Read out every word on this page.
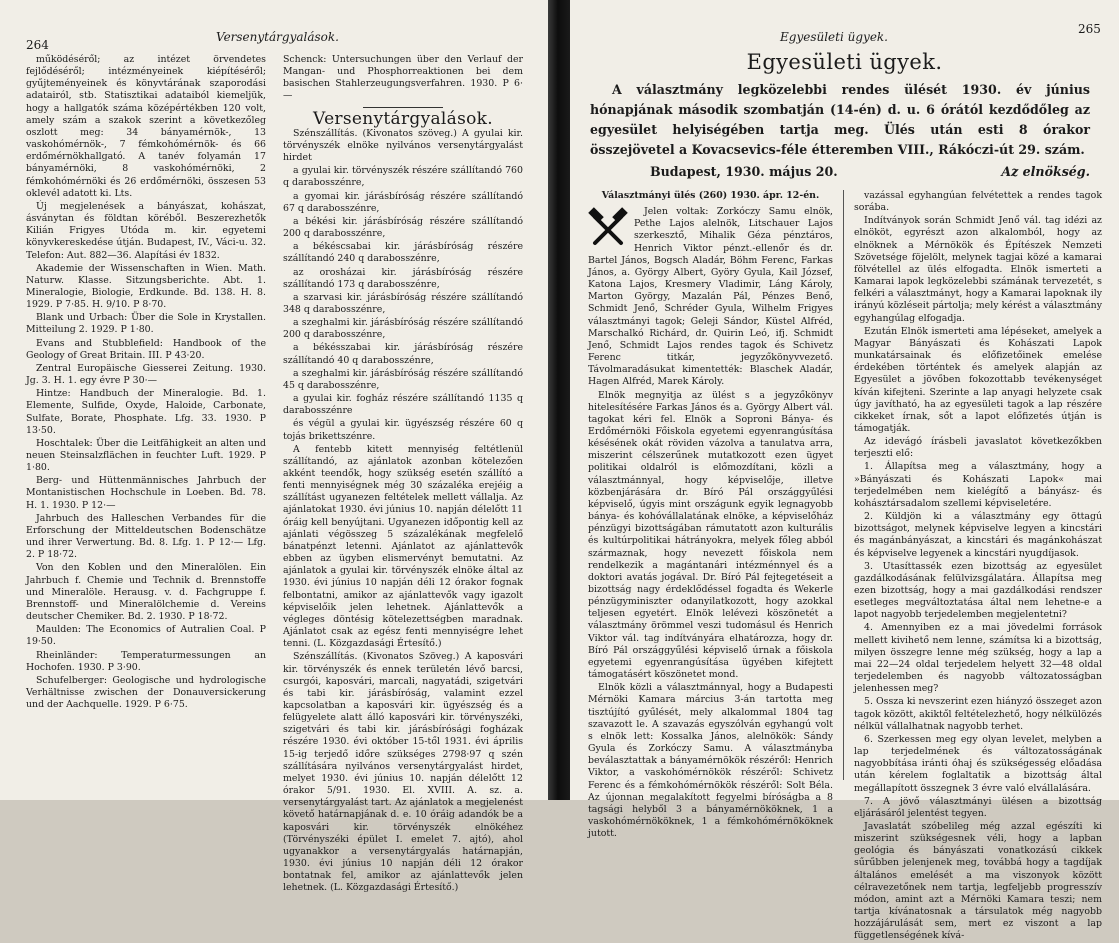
264
Versenytárgyalások.

működéséről; az intézet örvendetes fejlődéséről; intézményeinek kiépítéséről; gyűjteményeinek és könyvtárának szaporodási adatairól, stb. Statisztikai adataiból kiemeljük, hogy a hallgatók száma középértékben 120 volt, amely szám a szakok szerint a következőleg oszlott meg: 34 bányamérnök-, 13 vaskohómérnök-, 7 fémkohómérnök- és 66 erdőmérnökhallgató. A tanév folyamán 17 bányamérnöki, 8 vaskohómérnöki, 2 fémkohómérnöki és 26 erdőmérnöki, összesen 53 oklevél adatott ki. Lts.

Új megjelenések a bányászat, kohászat, ásványtan és földtan köréből. Beszerezhetők Kilián Frigyes Utóda m. kir. egyetemi könyvkereskedése útján. Budapest, IV., Váci-u. 32. Telefon: Aut. 882—36. Alapítási év 1832.

Akademie der Wissenschaften in Wien. Math. Naturw. Klasse. Sitzungsberichte. Abt. 1. Mineralogie, Biologie, Erdkunde. Bd. 138. H. 8. 1929. P 7·85. H. 9/10. P 8·70.

Blank und Urbach: Über die Sole in Krystallen. Mitteilung 2. 1929. P 1·80.

Evans and Stubblefield: Handbook of the Geology of Great Britain. III. P 43·20.

Zentral Europäische Giesserei Zeitung. 1930. Jg. 3. H. 1. egy évre P 30·—

Hintze: Handbuch der Mineralogie. Bd. 1. Elemente, Sulfide, Oxyde, Haloide, Carbonate, Sulfate, Borate, Phosphate. Lfg. 33. 1930. P 13·50.

Hoschtalek: Über die Leitfähigkeit an alten und neuen Steinsalzflächen in feuchter Luft. 1929. P 1·80.

Berg- und Hüttenmännisches Jahrbuch der Montanistischen Hochschule in Loeben. Bd. 78. H. 1. 1930. P 12·—

Jahrbuch des Halleschen Verbandes für die Erforschung der Mitteldeutschen Bodenschätze und ihrer Verwertung. Bd. 8. Lfg. 1. P 12·— Lfg. 2. P 18·72.

Von den Koblen und den Mineralölen. Ein Jahrbuch f. Chemie und Technik d. Brennstoffe und Mineralöle. Herausg. v. d. Fachgruppe f. Brennstoff- und Mineralölchemie d. Vereins deutscher Chemiker. Bd. 2. 1930. P 18·72.

Maulden: The Economics of Autralien Coal. P 19·50.

Rheinländer: Temperaturmessungen an Hochofen. 1930. P 3·90.

Schufelberger: Geologische und hydrologische Verhältnisse zwischen der Donauversickerung und der Aachquelle. 1929. P 6·75.

Schenck: Untersuchungen über den Verlauf der Mangan- und Phosphorreaktionen bei dem basischen Stahlerzeugungsverfahren. 1930. P 6·—

Versenytárgyalások.

Szénszállítás. (Kivonatos szöveg.) A gyulai kir. törvényszék elnöke nyilvános versenytárgyalást hirdet

a gyulai kir. törvényszék részére szállítandó 760 q darabosszénre,

a gyomai kir. járásbíróság részére szállítandó 67 q darabosszénre,

a békési kir. járásbíróság részére szállítandó 200 q darabosszénre,

a békéscsabai kir. járásbíróság részére szállítandó 240 q darabosszénre,

az orosházai kir. járásbíróság részére szállítandó 173 q darabosszénre,

a szarvasi kir. járásbíróság részére szállítandó 348 q darabosszénre,

a szeghalmi kir. járásbíróság részére szállítandó 200 q darabosszénre,

a békésszabai kir. járásbíróság részére szállítandó 40 q darabosszénre,

a szeghalmi kir. járásbíróság részére szállítandó 45 q darabosszénre,

a gyulai kir. fogház részére szállítandó 1135 q darabosszénre

és végül a gyulai kir. ügyészség részére 60 q tojás brikettszénre.

A fentebb kitett mennyiség feltétlenül szállítandó, az ajánlatok azonban kötelezően akként teendők, hogy szükség esetén szállító a fenti mennyiségnek még 30 százaléka erejéig a szállítást ugyanezen feltételek mellett vállalja. Az ajánlatokat 1930. évi június 10. napján délelőtt 11 óráig kell benyújtani. Ugyanezen időpontig kell az ajánlati végösszeg 5 százalékának megfelelő bánatpénzt letenni. Ajánlatot az ajánlattevők ebben az ügyben elismervényt bemutatni. Az ajánlatok a gyulai kir. törvényszék elnöke által az 1930. évi június 10 napján déli 12 órakor fognak felbontatni, amikor az ajánlattevők vagy igazolt képviselőik jelen lehetnek. Ajánlattevők a végleges döntésig kötelezettségben maradnak. Ajánlatot csak az egész fenti mennyiségre lehet tenni. (L. Közgazdasági Értesítő.)

Szénszállítás. (Kivonatos Szöveg.) A kaposvári kir. törvényszék és ennek területén lévő barcsi, csurgói, kaposvári, marcali, nagyatádi, szigetvári és tabi kir. járásbíróság, valamint ezzel kapcsolatban a kaposvári kir. ügyészség és a felügyelete alatt álló kaposvári kir. törvényszéki, szigetvári és tabi kir. járásbírósági fogházak részére 1930. évi október 15-től 1931. évi április 15-ig terjedő időre szükséges 2798·97 q szén szállítására nyilvános versenytárgyalást hirdet, melyet 1930. évi június 10. napján délelőtt 12 órakor 5/91. 1930. El. XVIII. A. sz. a. versenytárgyalást tart. Az ajánlatok a megjelenést követő határnapjának d. e. 10 óráig adandók be a kaposvári kir. törvényszék elnökéhez (Törvényszéki épület I. emelet 7. ajtó), ahol ugyanakkor a versenytárgyalás határnapján, 1930. évi június 10 napján déli 12 órakor bontatnak fel, amikor az ajánlattevők jelen lehetnek. (L. Közgazdasági Értesítő.)

Egyesületi ügyek.
265
Egyesületi ügyek.
A választmány legközelebbi rendes ülését 1930. év június hónapjának második szombatján (14-én) d. u. 6 órától kezdődőleg az egyesület helyiségében tartja meg. Ülés után esti 8 órakor összejövetel a Kovacsevics-féle étteremben VIII., Rákóczi-út 29. szám.
Budapest, 1930. május 20.	Az elnökség.

Választmányi ülés (260) 1930. ápr. 12-én.

Jelen voltak: Zorkóczy Samu elnök, Pethe Lajos alelnök, Litschauer Lajos szerkesztő, Mihalik Géza pénztáros, Henrich Viktor pénzt.-ellenőr és dr. Bartel János, Bogsch Aladár, Böhm Ferenc, Farkas János, a. György Albert, Györy Gyula, Kail József, Katona Lajos, Kresmery Vladimir, Láng Károly, Marton György, Mazalán Pál, Pénzes Benő, Schmidt Jenő, Schréder Gyula, Wilhelm Frigyes választmányi tagok; Geleji Sándor, Küstel Alfréd, Marschalkó Richárd, dr. Quirin Leó, ifj. Schmidt Jenő, Schmidt Lajos rendes tagok és Schivetz Ferenc titkár, jegyzőkönyvvezető. Távolmaradásukat kimentették: Blaschek Aladár, Hagen Alfréd, Marek Károly.

Elnök megnyitja az ülést s a jegyzőkönyv hitelesítésére Farkas János és a. György Albert vál. tagokat kéri fel. Elnök a Soproni Bánya- és Erdőmérnöki Főiskola egyetemi egyenrangúsítása késésének okát röviden vázolva a tanulatva arra, miszerint célszerűnek mutatkozott ezen ügyet politikai oldalról is előmozdítani, közli a választmánnyal, hogy képviselője, illetve közbenjárására dr. Bíró Pál országgyűlési képviselő, úgyis mint országunk egyik legnagyobb bánya- és kohóvállalatának elnöke, a képviselőház pénzügyi bizottságában rámutatott azon kulturális és kultúrpolitikai hátrányokra, melyek főleg abból származnak, hogy nevezett főiskola nem rendelkezik a magántanári intézménnyel és a doktori avatás jogával. Dr. Bíró Pál fejtegetéseit a bizottság nagy érdeklődéssel fogadta és Wekerle pénzügyminiszter odanyilatkozott, hogy azokkal teljesen egyetért. Elnök lelévezi köszönetét a választmány örömmel veszi tudomásul és Henrich Viktor vál. tag indítványára elhatározza, hogy dr. Bíró Pál országgyűlési képviselő úrnak a főiskola egyetemi egyenrangúsítása ügyében kifejtett támogatásért köszönetet mond.

Elnök közli a választmánnyal, hogy a Budapesti Mérnöki Kamara március 3-án tartotta meg tisztújító gyűlését, mely alkalommal 1804 tag szavazott le. A szavazás egyszólván egyhangú volt s elnök lett: Kossalka János, alelnökök: Sándy Gyula és Zorkóczy Samu. A választmányba beválasztattak a bányamérnökök részéről: Henrich Viktor, a vaskohómérnökök részéről: Schivetz Ferenc és a fémkohómérnökök részéről: Solt Béla. Az újonnan megalakított fegyelmi bíróságba a 8 tagsági helyből 3 a bányamérnököknek, 1 a vaskohómérnököknek, 1 a fémkohómérnököknek jutott.

vazással egyhangúan felvétettek a rendes tagok sorába.

Indítványok során Schmidt Jenő vál. tag idézi az elnököt, egyrészt azon alkalomból, hogy az elnöknek a Mérnökök és Építészek Nemzeti Szövetsége föjelölt, melynek tagjai közé a kamarai fölvétellel az ülés elfogadta. Elnök ismerteti a Kamarai lapok legközelebbi számának tervezetét, s felkéri a választmányt, hogy a Kamarai lapoknak ily irányú közléseit pártolja; mely kérést a választmány egyhangúlag elfogadja.

Ezután Elnök ismerteti ama lépéseket, amelyek a Magyar Bányászati és Kohászati Lapok munkatársainak és előfizetőinek emelése érdekében történtek és amelyek alapján az Egyesület a jövőben fokozottabb tevékenységet kíván kifejteni. Szerinte a lap anyagi helyzete csak úgy javítható, ha az egyesületi tagok a lap részére cikkeket írnak, sőt a lapot előfizetés útján is támogatják.

Az idevágó írásbeli javaslatot következőkben terjeszti elő:

1. Állapítsa meg a választmány, hogy a »Bányászati és Kohászati Lapok« mai terjedelmében nem kielégítő a bányász- és kohásztársadalom szellemi képviseletére.

2. Küldjön ki a választmány egy öttagú bizottságot, melynek képviselve legyen a kincstári és magánbányászat, a kincstári és magánkohászat és képviselve legyenek a kincstári nyugdíjasok.

3. Utasíttassék ezen bizottság az egyesület gazdálkodásának felülvizsgálatára. Állapítsa meg ezen bizottság, hogy a mai gazdálkodási rendszer esetleges megváltoztatása által nem lehetne-e a lapot nagyobb terjedelemben megjelentetni?

4. Amennyiben ez a mai jövedelmi források mellett kivihető nem lenne, számítsa ki a bizottság, milyen összegre lenne még szükség, hogy a lap a mai 22—24 oldal terjedelem helyett 32—48 oldal terjedelemben és nagyobb változatosságban jelenhessen meg?

5. Ossza ki nevszerint ezen hiányzó összeget azon tagok között, akiktől feltételezhető, hogy nélkülözés nélkül vállalhatnak nagyobb terhet.

6. Szerkessen meg egy olyan levelet, melyben a lap terjedelmének és változatosságának nagyobbítása iránti óhaj és szükségesség előadása után kérelem foglaltatik a bizottság által megállapított összegnek 3 évre való elvállalására.

7. A jövő választmányi ülésen a bizottság eljárásáról jelentést tegyen.

Javaslatát szóbelileg még azzal egészíti ki miszerint szükségesnek véli, hogy a lapban geológia és bányászati vonatkozású cikkek sűrűbben jelenjenek meg, továbbá hogy a tagdíjak általános emelését a ma viszonyok között célravezetőnek nem tartja, legfeljebb progresszív módon, amint azt a Mérnöki Kamara teszi; nem tartja kívánatosnak a társulatok még nagyobb hozzájárulását sem, mert ez viszont a lap függetlenségének kívá-
